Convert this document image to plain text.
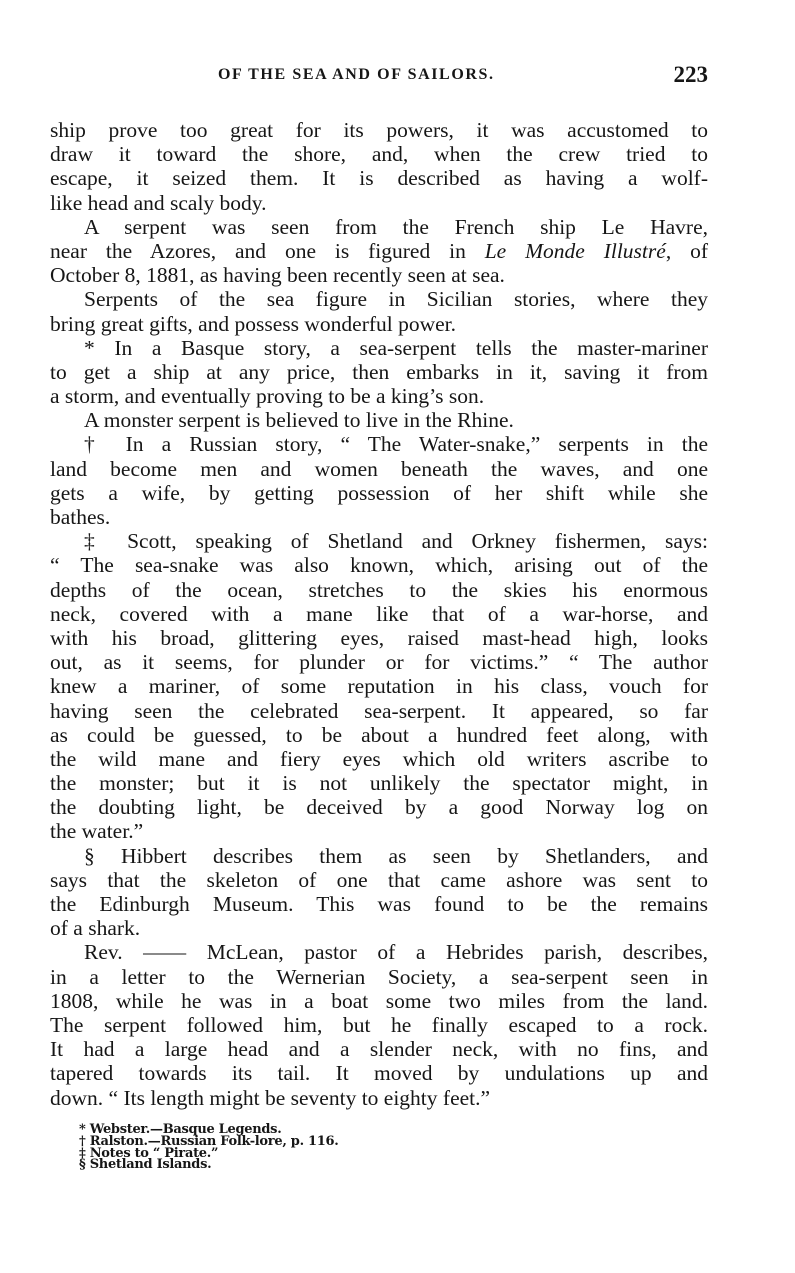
OF THE SEA AND OF SAILORS.	223
ship prove too great for its powers, it was accustomed to
draw it toward the shore, and, when the crew tried to
escape, it seized them. It is described as having a wolf-
like head and scaly body.
A serpent was seen from the French ship Le Havre,
near the Azores, and one is figured in Le Monde Illustré, of
October 8, 1881, as having been recently seen at sea.
Serpents of the sea figure in Sicilian stories, where they
bring great gifts, and possess wonderful power.
* In a Basque story, a sea-serpent tells the master-mariner
to get a ship at any price, then embarks in it, saving it from
a storm, and eventually proving to be a king’s son.
A monster serpent is believed to live in the Rhine.
† In a Russian story, “ The Water-snake,” serpents in the
land become men and women beneath the waves, and one
gets a wife, by getting possession of her shift while she
bathes.
‡ Scott, speaking of Shetland and Orkney fishermen, says:
“ The sea-snake was also known, which, arising out of the
depths of the ocean, stretches to the skies his enormous
neck, covered with a mane like that of a war-horse, and
with his broad, glittering eyes, raised mast-head high, looks
out, as it seems, for plunder or for victims.” “ The author
knew a mariner, of some reputation in his class, vouch for
having seen the celebrated sea-serpent. It appeared, so far
as could be guessed, to be about a hundred feet along, with
the wild mane and fiery eyes which old writers ascribe to
the monster; but it is not unlikely the spectator might, in
the doubting light, be deceived by a good Norway log on
the water.”
§ Hibbert describes them as seen by Shetlanders, and
says that the skeleton of one that came ashore was sent to
the Edinburgh Museum. This was found to be the remains
of a shark.
Rev. —— McLean, pastor of a Hebrides parish, describes,
in a letter to the Wernerian Society, a sea-serpent seen in
1808, while he was in a boat some two miles from the land.
The serpent followed him, but he finally escaped to a rock.
It had a large head and a slender neck, with no fins, and
tapered towards its tail. It moved by undulations up and
down. “ Its length might be seventy to eighty feet.”
* Webster.—Basque Legends.
† Ralston.—Russian Folk-lore, p. 116.
‡ Notes to “ Pirate.”
§ Shetland Islands.
